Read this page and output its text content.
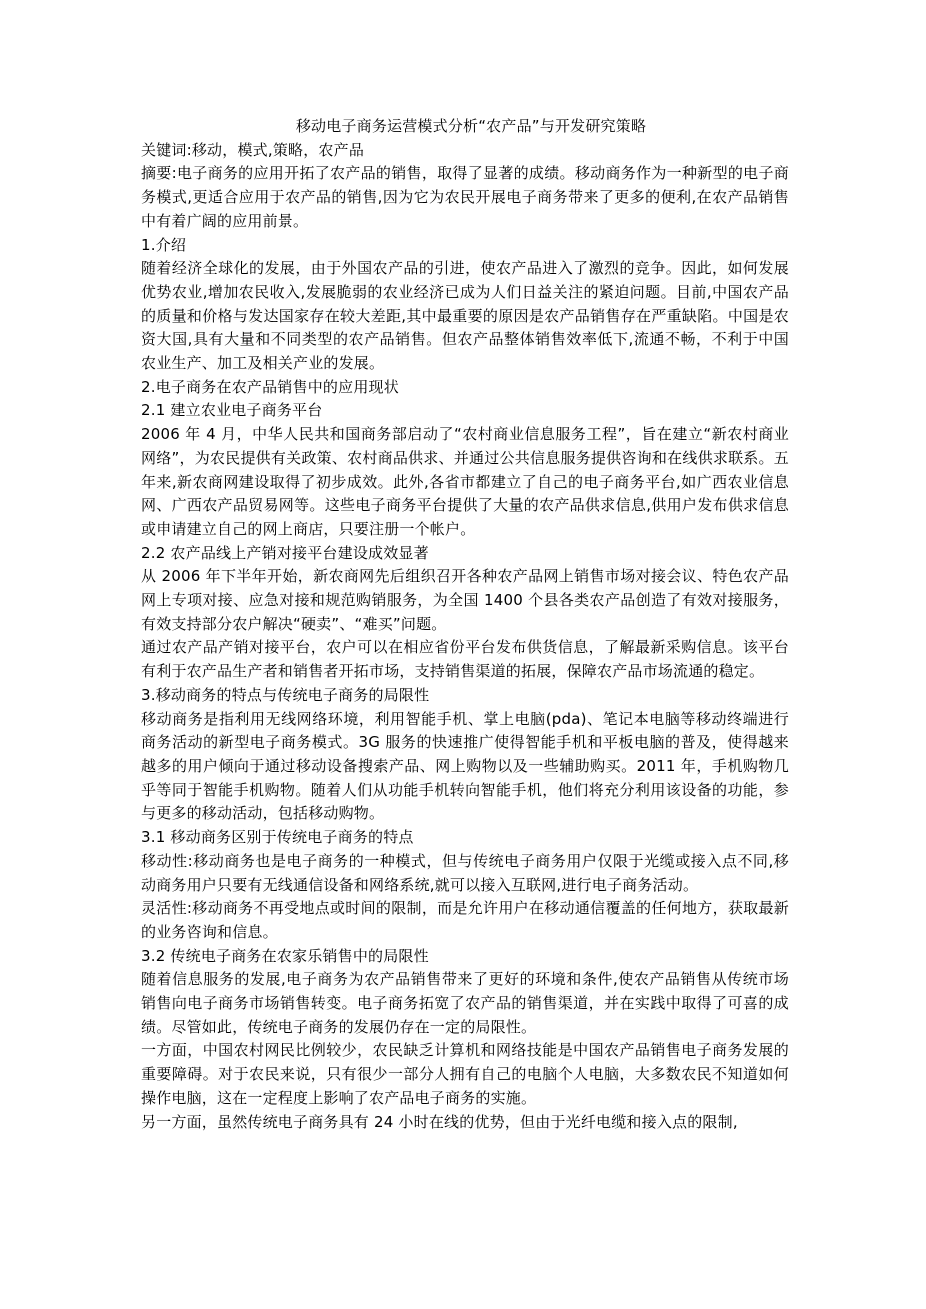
移动电子商务运营模式分析“农产品”与开发研究策略
关键词:移动，模式,策略，农产品
摘要:电子商务的应用开拓了农产品的销售，取得了显著的成绩。移动商务作为一种新型的电子商务模式,更适合应用于农产品的销售,因为它为农民开展电子商务带来了更多的便利,在农产品销售中有着广阔的应用前景。
1.介绍
随着经济全球化的发展，由于外国农产品的引进，使农产品进入了激烈的竞争。因此，如何发展优势农业,增加农民收入,发展脆弱的农业经济已成为人们日益关注的紧迫问题。目前,中国农产品的质量和价格与发达国家存在较大差距,其中最重要的原因是农产品销售存在严重缺陷。中国是农资大国,具有大量和不同类型的农产品销售。但农产品整体销售效率低下,流通不畅，不利于中国农业生产、加工及相关产业的发展。
2.电子商务在农产品销售中的应用现状
2.1 建立农业电子商务平台
2006 年 4 月，中华人民共和国商务部启动了“农村商业信息服务工程”，旨在建立“新农村商业网络”，为农民提供有关政策、农村商品供求、并通过公共信息服务提供咨询和在线供求联系。五年来,新农商网建设取得了初步成效。此外,各省市都建立了自己的电子商务平台,如广西农业信息网、广西农产品贸易网等。这些电子商务平台提供了大量的农产品供求信息,供用户发布供求信息或申请建立自己的网上商店，只要注册一个帐户。
2.2 农产品线上产销对接平台建设成效显著
从 2006 年下半年开始，新农商网先后组织召开各种农产品网上销售市场对接会议、特色农产品网上专项对接、应急对接和规范购销服务，为全国 1400 个县各类农产品创造了有效对接服务，有效支持部分农户解决“硬卖”、“难买”问题。
通过农产品产销对接平台，农户可以在相应省份平台发布供货信息，了解最新采购信息。该平台有利于农产品生产者和销售者开拓市场，支持销售渠道的拓展，保障农产品市场流通的稳定。
3.移动商务的特点与传统电子商务的局限性
移动商务是指利用无线网络环境，利用智能手机、掌上电脑(pda)、笔记本电脑等移动终端进行商务活动的新型电子商务模式。3G 服务的快速推广使得智能手机和平板电脑的普及，使得越来越多的用户倾向于通过移动设备搜索产品、网上购物以及一些辅助购买。2011 年，手机购物几乎等同于智能手机购物。随着人们从功能手机转向智能手机，他们将充分利用该设备的功能，参与更多的移动活动，包括移动购物。
3.1 移动商务区别于传统电子商务的特点
移动性:移动商务也是电子商务的一种模式，但与传统电子商务用户仅限于光缆或接入点不同,移动商务用户只要有无线通信设备和网络系统,就可以接入互联网,进行电子商务活动。
灵活性:移动商务不再受地点或时间的限制，而是允许用户在移动通信覆盖的任何地方，获取最新的业务咨询和信息。
3.2 传统电子商务在农家乐销售中的局限性
随着信息服务的发展,电子商务为农产品销售带来了更好的环境和条件,使农产品销售从传统市场销售向电子商务市场销售转变。电子商务拓宽了农产品的销售渠道，并在实践中取得了可喜的成绩。尽管如此，传统电子商务的发展仍存在一定的局限性。
一方面，中国农村网民比例较少，农民缺乏计算机和网络技能是中国农产品销售电子商务发展的重要障碍。对于农民来说，只有很少一部分人拥有自己的电脑个人电脑，大多数农民不知道如何操作电脑，这在一定程度上影响了农产品电子商务的实施。
另一方面，虽然传统电子商务具有 24 小时在线的优势，但由于光纤电缆和接入点的限制,
